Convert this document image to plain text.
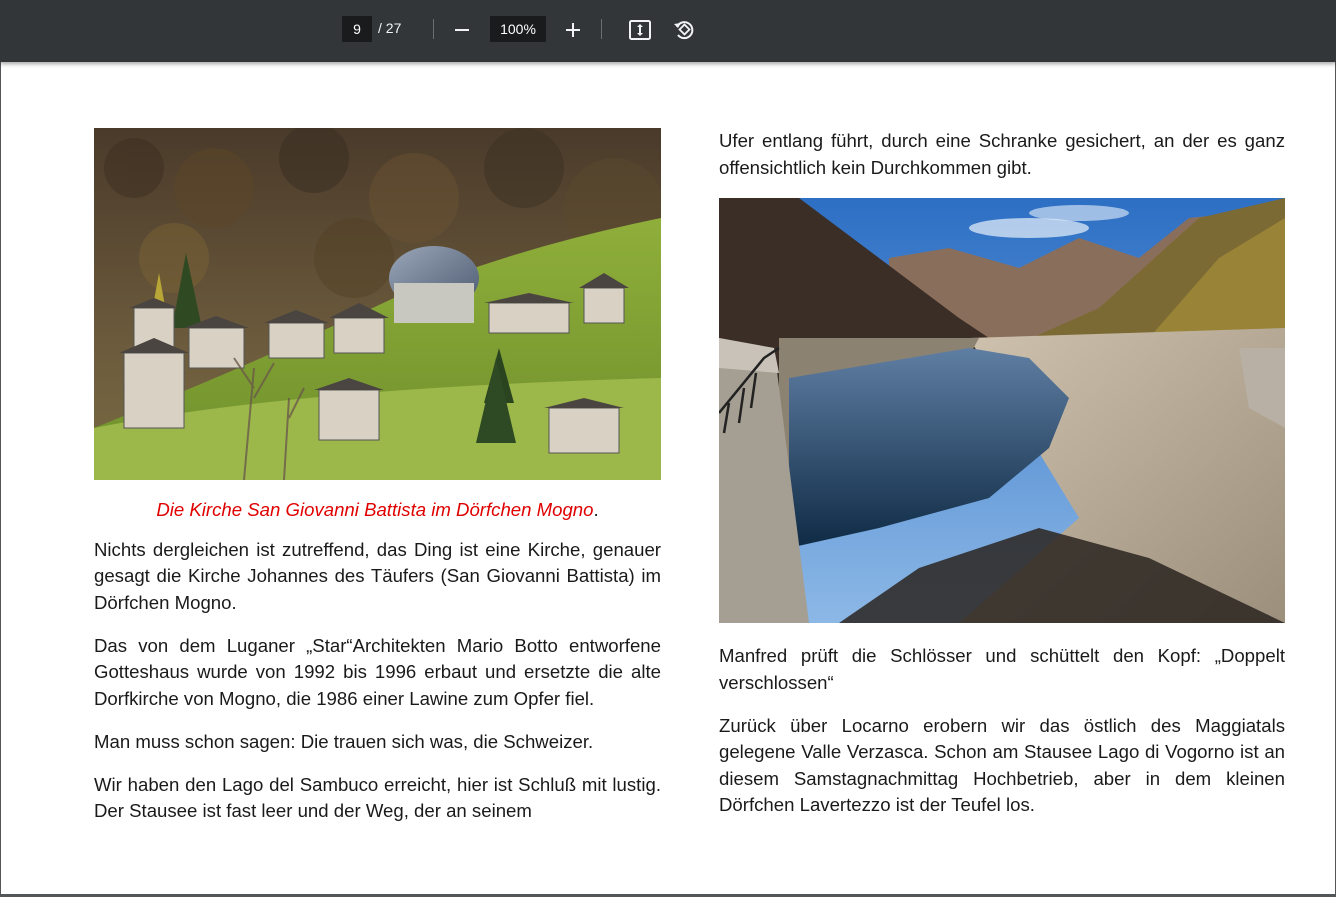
9	/ 27	100%
Die Kirche San Giovanni Battista im Dörfchen Mogno.

Nichts dergleichen ist zutreffend, das Ding ist eine Kirche, genauer gesagt die Kirche Johannes des Täufers (San Giovanni Battista) im Dörfchen Mogno.

Das von dem Luganer „Star“Architekten Mario Botto entworfene Gotteshaus wurde von 1992 bis 1996 erbaut und ersetzte die alte Dorfkirche von Mogno, die 1986 einer Lawine zum Opfer fiel.

Man muss schon sagen: Die trauen sich was, die Schweizer.

Wir haben den Lago del Sambuco erreicht, hier ist Schluß mit lustig. Der Stausee ist fast leer und der Weg, der an seinem

Ufer entlang führt, durch eine Schranke gesichert, an der es ganz offensichtlich kein Durchkommen gibt.

Manfred prüft die Schlösser und schüttelt den Kopf: „Doppelt verschlossen“

Zurück über Locarno erobern wir das östlich des Maggiatals gelegene Valle Verzasca. Schon am Stausee Lago di Vogorno ist an diesem Samstagnachmittag Hochbetrieb, aber in dem kleinen Dörfchen Lavertezzo ist der Teufel los.
